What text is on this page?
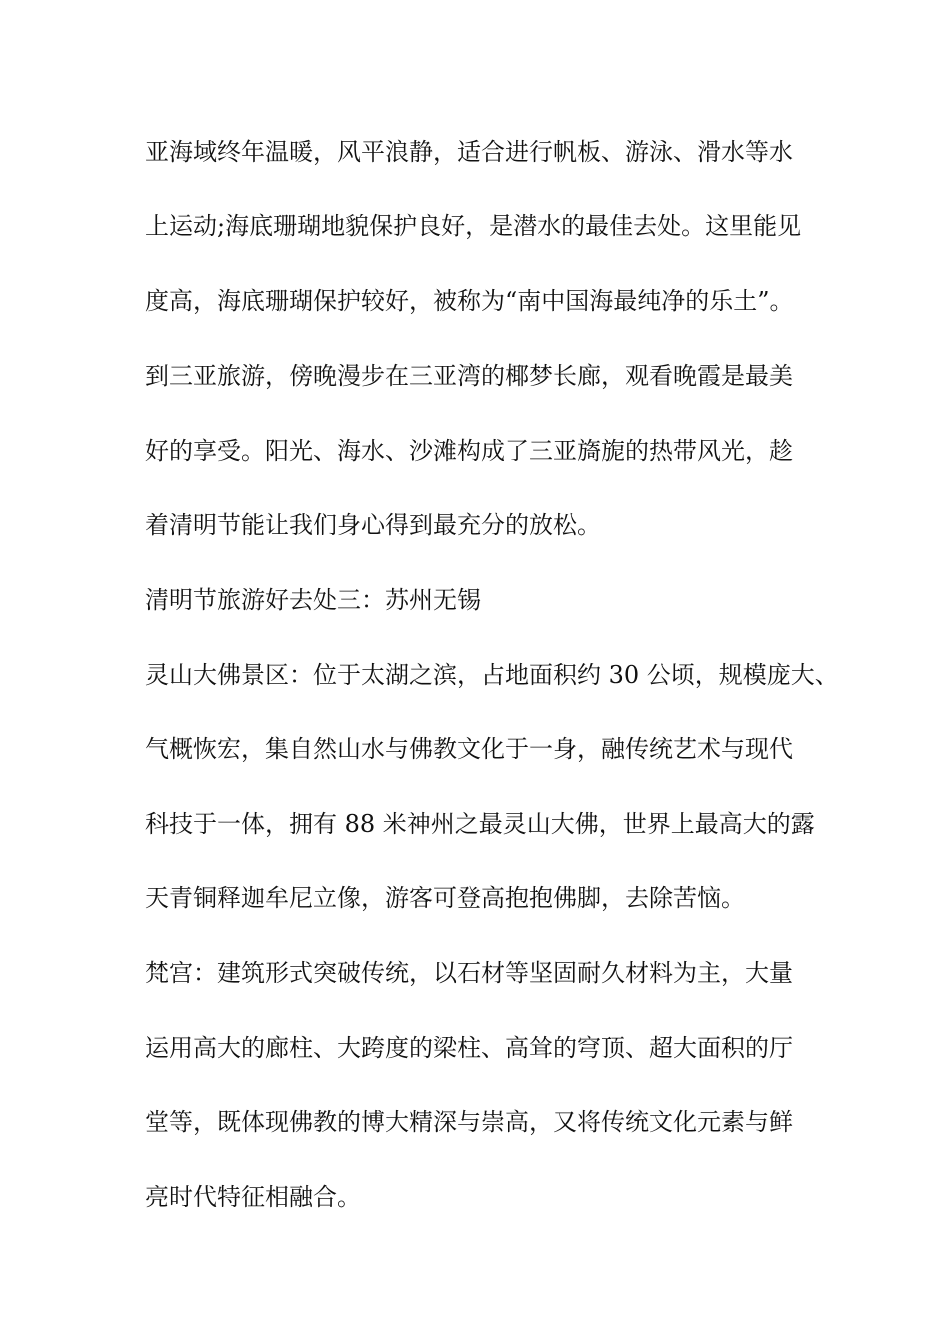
亚海域终年温暖，风平浪静，适合进行帆板、游泳、滑水等水
上运动;海底珊瑚地貌保护良好，是潜水的最佳去处。这里能见
度高，海底珊瑚保护较好，被称为“南中国海最纯净的乐土”。
到三亚旅游，傍晚漫步在三亚湾的椰梦长廊，观看晚霞是最美
好的享受。阳光、海水、沙滩构成了三亚旖旎的热带风光，趁
着清明节能让我们身心得到最充分的放松。
清明节旅游好去处三：苏州无锡
灵山大佛景区：位于太湖之滨，占地面积约 30 公顷，规模庞大、
气概恢宏，集自然山水与佛教文化于一身，融传统艺术与现代
科技于一体，拥有 88 米神州之最灵山大佛，世界上最高大的露
天青铜释迦牟尼立像，游客可登高抱抱佛脚，去除苦恼。
梵宫：建筑形式突破传统，以石材等坚固耐久材料为主，大量
运用高大的廊柱、大跨度的梁柱、高耸的穹顶、超大面积的厅
堂等，既体现佛教的博大精深与崇高，又将传统文化元素与鲜
亮时代特征相融合。
